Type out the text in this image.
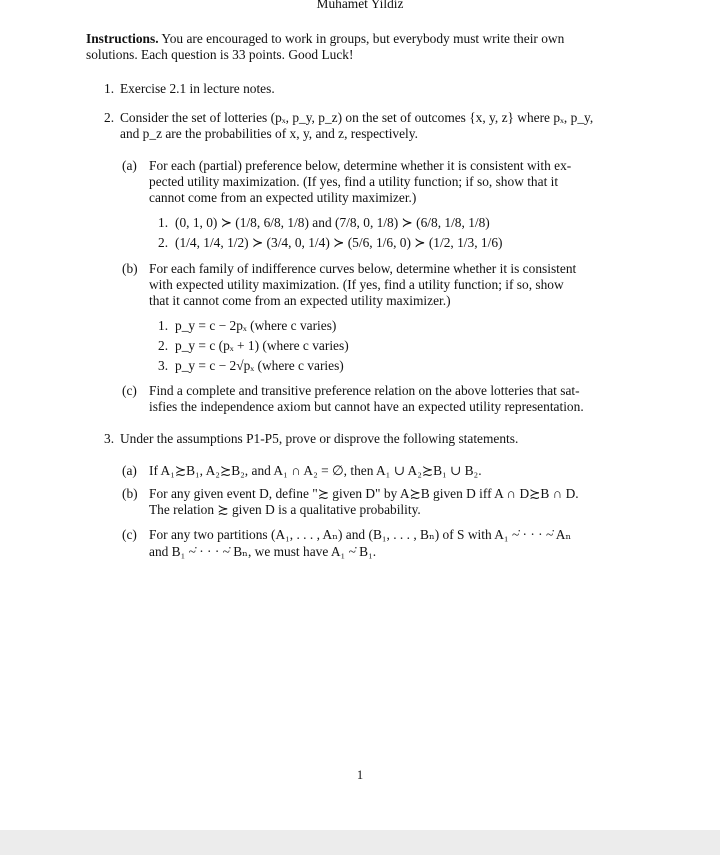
Muhamet Yildiz
Instructions. You are encouraged to work in groups, but everybody must write their own
solutions. Each question is 33 points. Good Luck!
1. Exercise 2.1 in lecture notes.
2. Consider the set of lotteries (pₓ, p_y, p_z) on the set of outcomes {x, y, z} where pₓ, p_y,
and p_z are the probabilities of x, y, and z, respectively.
(a) For each (partial) preference below, determine whether it is consistent with ex-
pected utility maximization. (If yes, find a utility function; if so, show that it
cannot come from an expected utility maximizer.)
1. (0, 1, 0) ≻ (1/8, 6/8, 1/8) and (7/8, 0, 1/8) ≻ (6/8, 1/8, 1/8)
2. (1/4, 1/4, 1/2) ≻ (3/4, 0, 1/4) ≻ (5/6, 1/6, 0) ≻ (1/2, 1/3, 1/6)
(b) For each family of indifference curves below, determine whether it is consistent
with expected utility maximization. (If yes, find a utility function; if so, show
that it cannot come from an expected utility maximizer.)
1. p_y = c − 2pₓ (where c varies)
2. p_y = c (pₓ + 1) (where c varies)
3. p_y = c − 2√pₓ (where c varies)
(c) Find a complete and transitive preference relation on the above lotteries that sat-
isfies the independence axiom but cannot have an expected utility representation.
3. Under the assumptions P1-P5, prove or disprove the following statements.
(a) If A₁≿B₁, A₂≿B₂, and A₁ ∩ A₂ = ∅, then A₁ ∪ A₂≿B₁ ∪ B₂.
(b) For any given event D, define "≿ given D" by A≿B given D iff A ∩ D≿B ∩ D.
The relation ≿ given D is a qualitative probability.
(c) For any two partitions (A₁, . . . , Aₙ) and (B₁, . . . , Bₙ) of S with A₁ ~̇ · · · ~̇ Aₙ
and B₁ ~̇ · · · ~̇ Bₙ, we must have A₁ ~̇ B₁.
1
